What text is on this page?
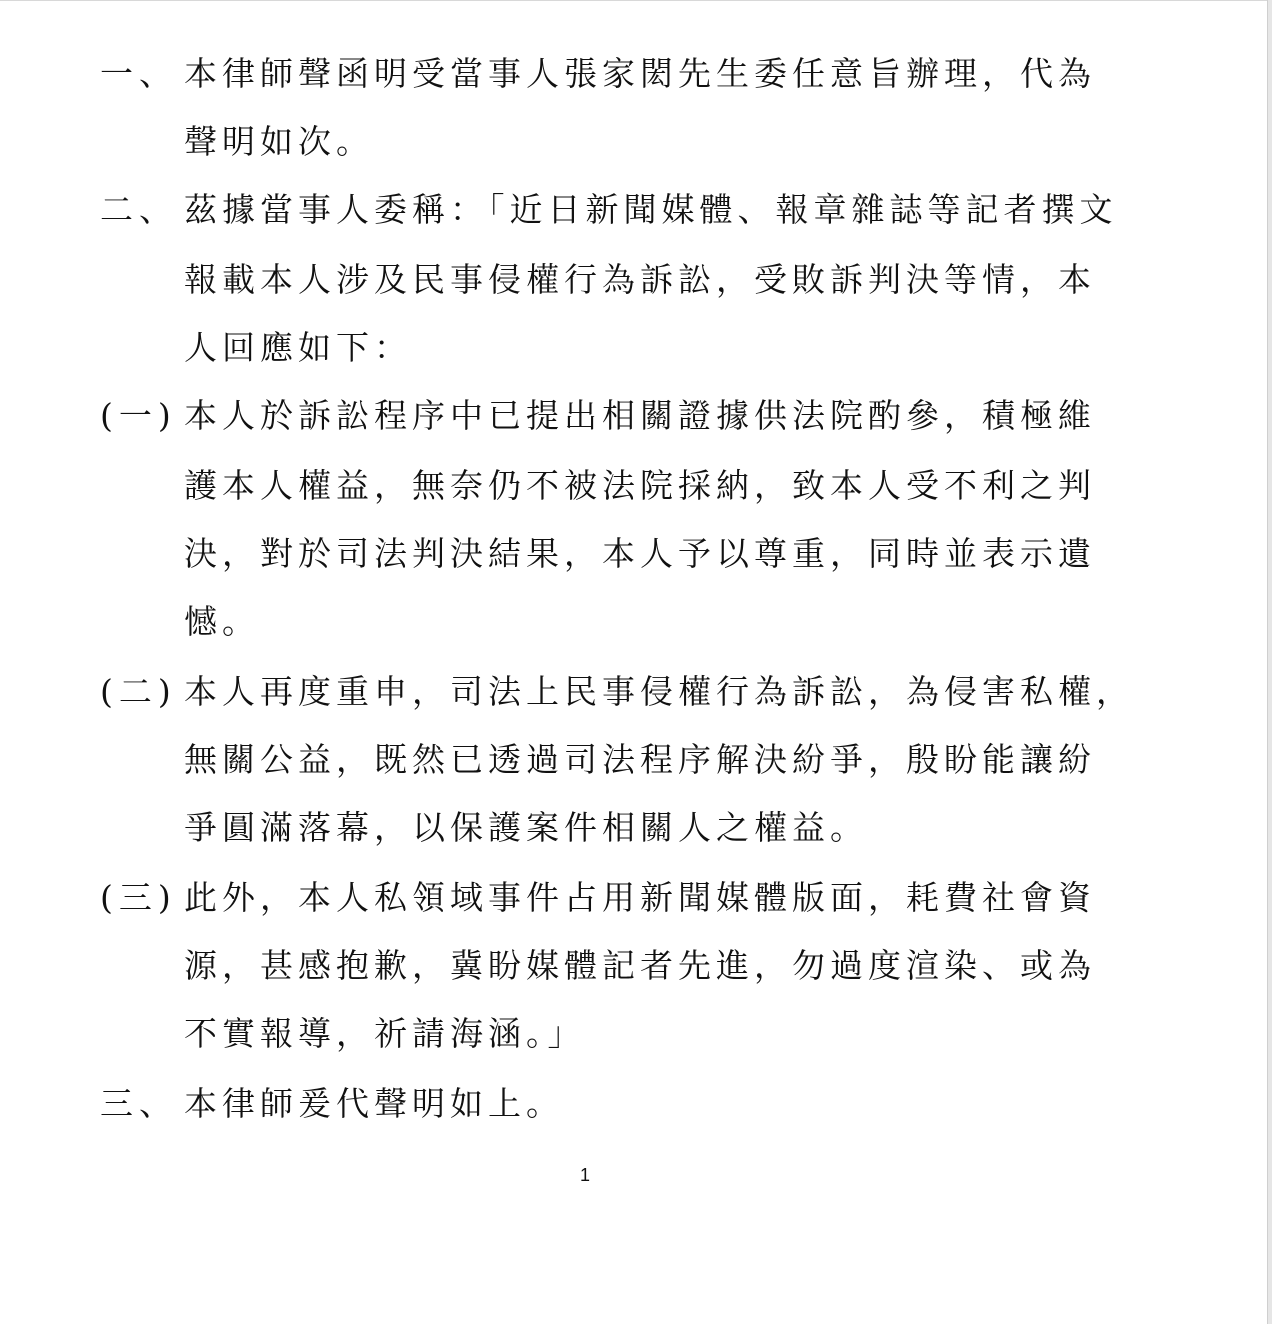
一、 本律師聲函明受當事人張家閎先生委任意旨辦理，代為
聲明如次。
二、 茲據當事人委稱：「近日新聞媒體、報章雜誌等記者撰文
報載本人涉及民事侵權行為訴訟，受敗訴判決等情，本
人回應如下：
(一) 本人於訴訟程序中已提出相關證據供法院酌參，積極維
護本人權益，無奈仍不被法院採納，致本人受不利之判
決，對於司法判決結果，本人予以尊重，同時並表示遺
憾。
(二) 本人再度重申，司法上民事侵權行為訴訟，為侵害私權，
無關公益，既然已透過司法程序解決紛爭，殷盼能讓紛
爭圓滿落幕，以保護案件相關人之權益。
(三) 此外，本人私領域事件占用新聞媒體版面，耗費社會資
源，甚感抱歉，冀盼媒體記者先進，勿過度渲染、或為
不實報導，祈請海涵。」
三、 本律師爰代聲明如上。
1
